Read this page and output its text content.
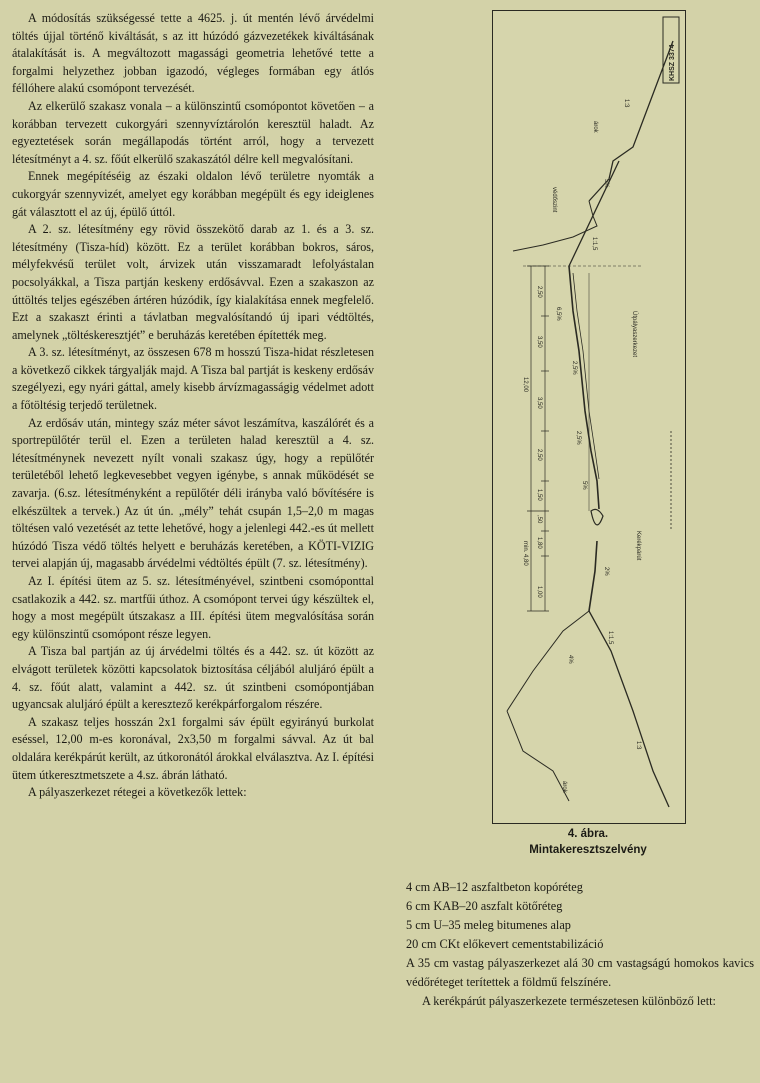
A módosítás szükségessé tette a 4625. j. út mentén lévő árvédelmi töltés újjal történő kiváltását, s az itt húzódó gázvezetékek kiváltásának átalakítását is. A megváltozott magassági geometria lehetővé tette a forgalmi helyzethez jobban igazodó, végleges formában egy átlós féllóhere alakú csomópont tervezését.

Az elkerülő szakasz vonala – a különszintű csomópontot követően – a korábban tervezett cukorgyári szennyvíztárolón keresztül haladt. Az egyeztetések során megállapodás történt arról, hogy a tervezett létesítményt a 4. sz. főút elkerülő szakaszától délre kell megvalósítani.

Ennek megépítéséig az északi oldalon lévő területre nyomták a cukorgyár szennyvizét, amelyet egy korábban megépült és egy ideiglenes gát választott el az új, épülő úttól.

A 2. sz. létesítmény egy rövid összekötő darab az 1. és a 3. sz. létesítmény (Tisza-híd) között. Ez a terület korábban bokros, sáros, mélyfekvésű terület volt, árvizek után visszamaradt lefolyástalan pocsolyákkal, a Tisza partján keskeny erdősávval. Ezen a szakaszon az úttöltés teljes egészében ártéren húzódik, így kialakítása ennek megfelelő. Ezt a szakaszt érinti a távlatban megvalósítandó új ipari védtöltés, amelynek „töltéskeresztjét” e beruházás keretében építették meg.

A 3. sz. létesítményt, az összesen 678 m hosszú Tisza-hidat részletesen a következő cikkek tárgyalják majd. A Tisza bal partját is keskeny erdősáv szegélyezi, egy nyári gáttal, amely kisebb árvízmagasságig védelmet adott a főtöltésig terjedő területnek.

Az erdősáv után, mintegy száz méter sávot leszámítva, kaszálórét és a sportrepülőtér terül el. Ezen a területen halad keresztül a 4. sz. létesítménynek nevezett nyílt vonali szakasz úgy, hogy a repülőtér területéből lehető legkevesebbet vegyen igénybe, s annak működését se zavarja. (6.sz. létesítményként a repülőtér déli irányba való bővítésére is elkészültek a tervek.) Az út ún. „mély” tehát csupán 1,5–2,0 m magas töltésen való vezetését az tette lehetővé, hogy a jelenlegi 442.-es út mellett húzódó Tisza védő töltés helyett e beruházás keretében, a KÖTI-VIZIG tervei alapján új, magasabb árvédelmi védtöltés épült (7. sz. létesítmény).

Az I. építési ütem az 5. sz. létesítményével, szintbeni csomóponttal csatlakozik a 442. sz. martfűi úthoz. A csomópont tervei úgy készültek el, hogy a most megépült útszakasz a III. építési ütem megvalósítása során egy különszintű csomópont része legyen.

A Tisza bal partján az új árvédelmi töltés és a 442. sz. út között az elvágott területek közötti kapcsolatok biztosítása céljából aluljáró épült a 4. sz. főút alatt, valamint a 442. sz. út szintbeni csomópontjában ugyancsak aluljáró épült a keresztező kerékpárforgalom részére.

A szakasz teljes hosszán 2x1 forgalmi sáv épült egyirányú burkolat eséssel, 12,00 m-es koronával, 2x3,50 m forgalmi sávval. Az út bal oldalára kerékpárút került, az útkoronától árokkal elválasztva. Az I. építési ütem útkeresztmetszete a 4.sz. ábrán látható.

A pályaszerkezet rétegei a következők lettek:

KHSZ 3374
árok
1:3
védőszint
5%
1:1,5
12,00
2,50
3,50
3,50
2,50
1,50
min. 4,80
,50
1,80
1,00
6,5%
2,5%
2,5%
5%
Útpályaszerkezet
2%
Kerékpárút
1:1,5
4%
1:3
árok
4. ábra.
Mintakeresztszelvény
4 cm AB–12 aszfaltbeton kopóréteg
6 cm KAB–20 aszfalt kötőréteg
5 cm U–35 meleg bitumenes alap
20 cm CKt előkevert cementstabilizáció

A 35 cm vastag pályaszerkezet alá 30 cm vastagságú homokos kavics védőréteget terítettek a földmű felszínére.

A kerékpárút pályaszerkezete természetesen különböző lett:
